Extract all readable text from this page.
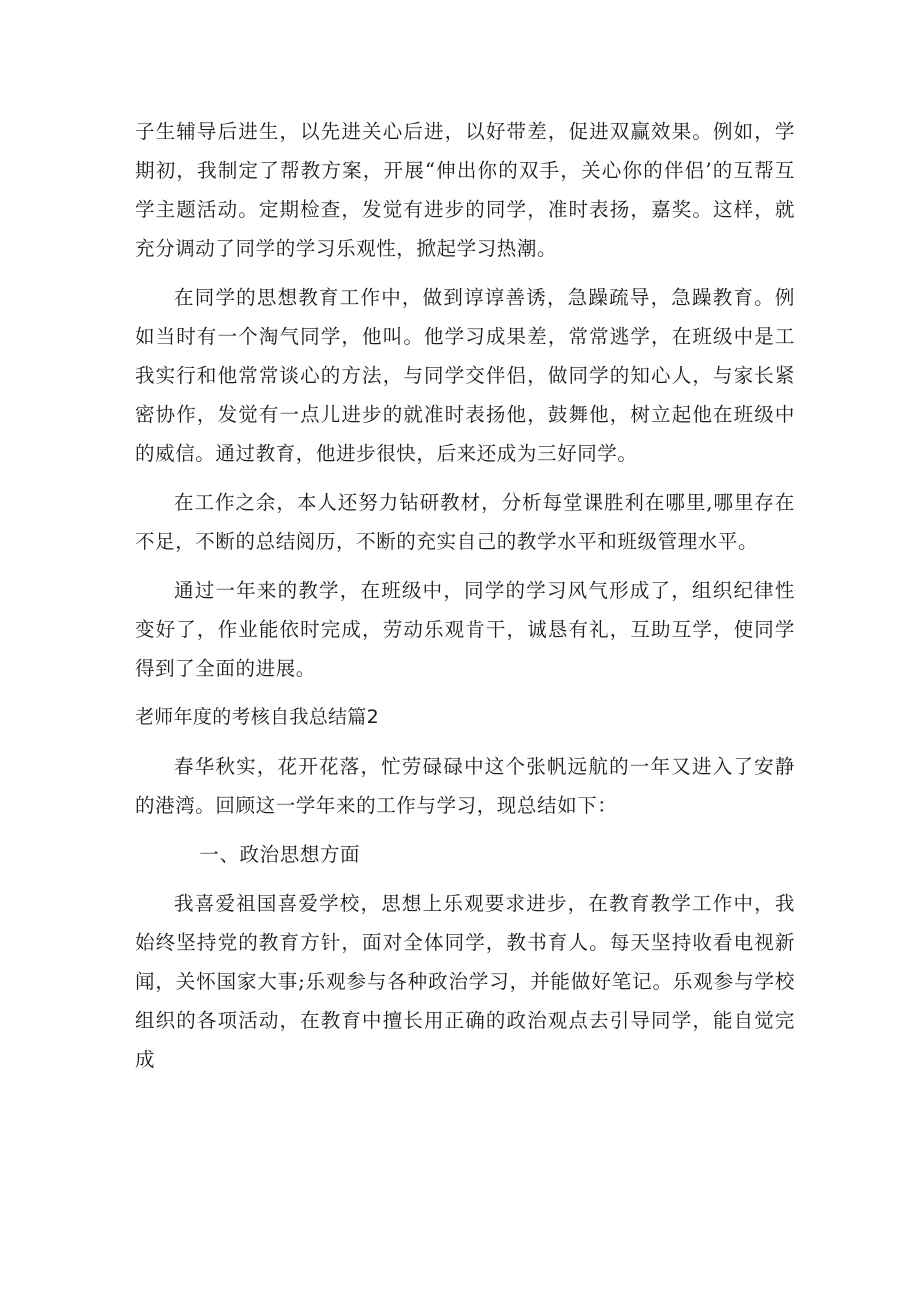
子生辅导后进生，以先进关心后进，以好带差，促进双赢效果。例如，学期初，我制定了帮教方案，开展“伸出你的双手，关心你的伴侣’的互帮互学主题活动。定期检查，发觉有进步的同学，准时表扬，嘉奖。这样，就充分调动了同学的学习乐观性，掀起学习热潮。

在同学的思想教育工作中，做到谆谆善诱，急躁疏导，急躁教育。例如当时有一个淘气同学，他叫。他学习成果差，常常逃学，在班级中是工我实行和他常常谈心的方法，与同学交伴侣，做同学的知心人，与家长紧密协作，发觉有一点儿进步的就准时表扬他，鼓舞他，树立起他在班级中的威信。通过教育，他进步很快，后来还成为三好同学。

在工作之余，本人还努力钻研教材，分析每堂课胜利在哪里,哪里存在不足，不断的总结阅历，不断的充实自己的教学水平和班级管理水平。

通过一年来的教学，在班级中，同学的学习风气形成了，组织纪律性变好了，作业能依时完成，劳动乐观肯干，诚恳有礼，互助互学，使同学得到了全面的进展。

老师年度的考核自我总结篇2

春华秋实，花开花落，忙劳碌碌中这个张帆远航的一年又进入了安静的港湾。回顾这一学年来的工作与学习，现总结如下：

一、政治思想方面

我喜爱祖国喜爱学校，思想上乐观要求进步，在教育教学工作中，我始终坚持党的教育方针，面对全体同学，教书育人。每天坚持收看电视新闻，关怀国家大事;乐观参与各种政治学习，并能做好笔记。乐观参与学校组织的各项活动，在教育中擅长用正确的政治观点去引导同学，能自觉完成
